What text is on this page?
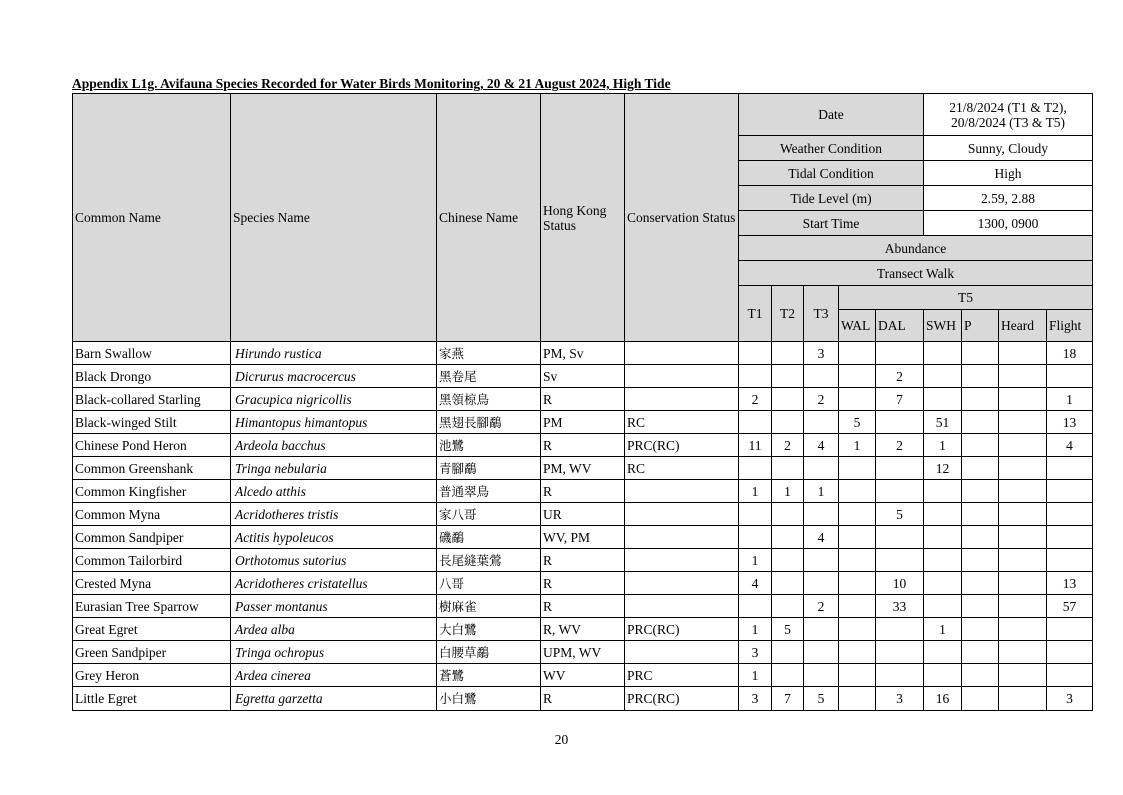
Appendix L1g. Avifauna Species Recorded for Water Birds Monitoring, 20 & 21 August 2024, High Tide
Common Name	Species Name	Chinese Name	Hong Kong Status	Conservation Status	Date					21/8/2024 (T1 & T2), 20/8/2024 (T3 & T5)			
					Weather Condition					Sunny, Cloudy			
					Tidal Condition					High			
					Tide Level (m)					2.59, 2.88			
					Start Time					1300, 0900			
					Abundance								
					Transect Walk								
					T1	T2	T3	T5					
								WAL	DAL	SWH	P	Heard	Flight

Barn Swallow	Hirundo rustica	家燕	PM, Sv				3						18
Black Drongo	Dicrurus macrocercus	黑卷尾	Sv						2				
Black-collared Starling	Gracupica nigricollis	黑領椋鳥	R		2		2		7				1
Black-winged Stilt	Himantopus himantopus	黑翅長腳鷸	PM	RC				5		51			13
Chinese Pond Heron	Ardeola bacchus	池鷺	R	PRC(RC)	11	2	4	1	2	1			4
Common Greenshank	Tringa nebularia	青腳鷸	PM, WV	RC						12			
Common Kingfisher	Alcedo atthis	普通翠鳥	R		1	1	1						
Common Myna	Acridotheres tristis	家八哥	UR						5				
Common Sandpiper	Actitis hypoleucos	磯鷸	WV, PM				4						
Common Tailorbird	Orthotomus sutorius	長尾縫葉鶯	R		1								
Crested Myna	Acridotheres cristatellus	八哥	R		4				10				13
Eurasian Tree Sparrow	Passer montanus	樹麻雀	R				2		33				57
Great Egret	Ardea alba	大白鷺	R, WV	PRC(RC)	1	5				1			
Green Sandpiper	Tringa ochropus	白腰草鷸	UPM, WV		3								
Grey Heron	Ardea cinerea	蒼鷺	WV	PRC	1								
Little Egret	Egretta garzetta	小白鷺	R	PRC(RC)	3	7	5		3	16			3
20
